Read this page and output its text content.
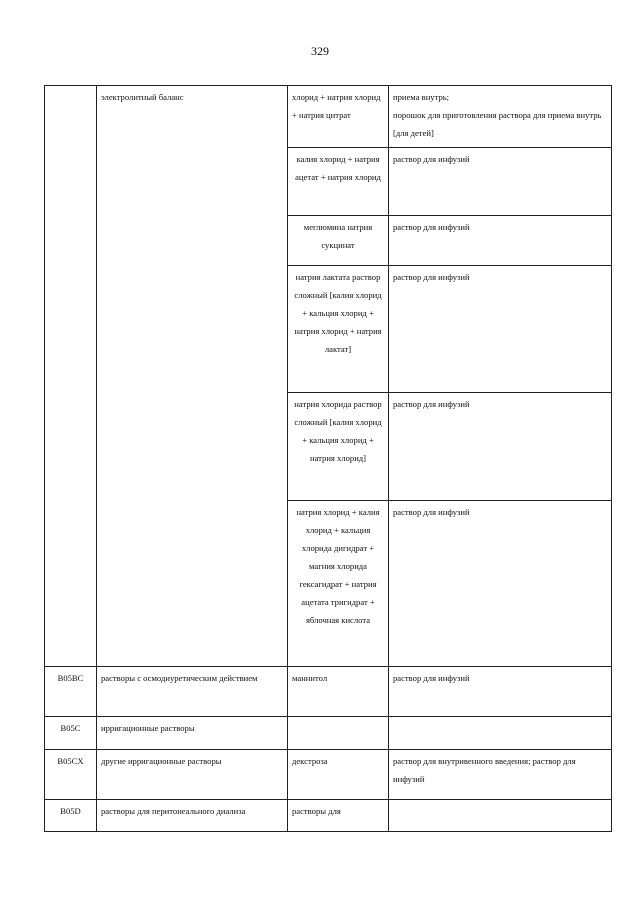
329
	электролитный баланс	хлорид + натрия хлорид + натрия цитрат	приема внутрь;
порошок для приготовления раствора для приема внутрь [для детей]
		калия хлорид + натрия ацетат + натрия хлорид	раствор для инфузий
		меглюмина натрия сукцинат	раствор для инфузий
		натрия лактата раствор сложный [калия хлорид + кальция хлорид + натрия хлорид + натрия лактат]	раствор для инфузий
		натрия хлорида раствор сложный [калия хлорид + кальция хлорид + натрия хлорид]	раствор для инфузий
		натрия хлорид + калия хлорид + кальция хлорида дигидрат + магния хлорида гексагидрат + натрия ацетата тригидрат + яблочная кислота	раствор для инфузий
B05BC	растворы с осмодиуретическим действием	маннитол	раствор для инфузий
B05C	ирригационные растворы		
B05CX	другие ирригационные растворы	декстроза	раствор для внутривенного введения; раствор для инфузий
B05D	растворы для перитонеального диализа	растворы для	
